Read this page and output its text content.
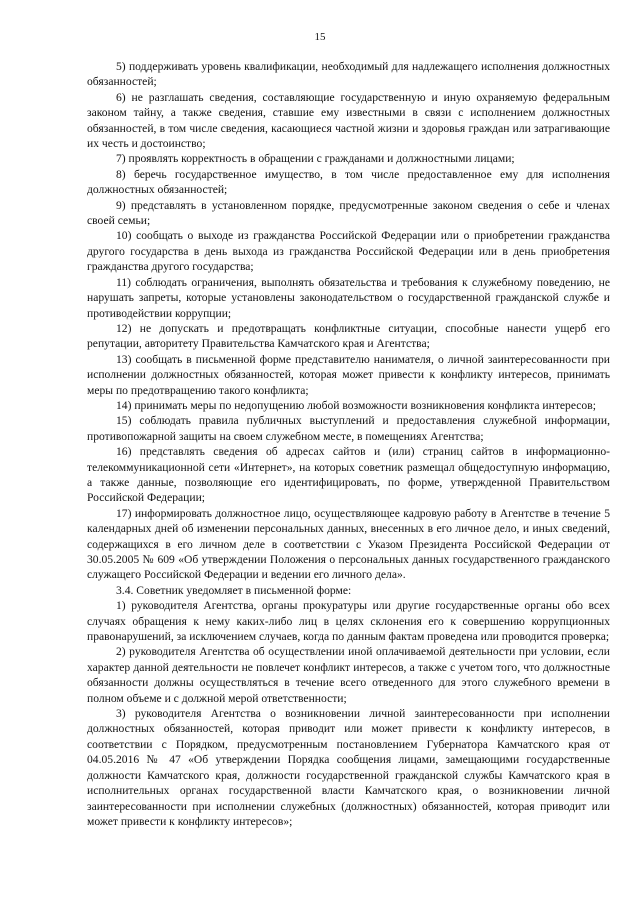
15

5) поддерживать уровень квалификации, необходимый для надлежащего исполнения должностных обязанностей;

6) не разглашать сведения, составляющие государственную и иную охраняемую федеральным законом тайну, а также сведения, ставшие ему известными в связи с исполнением должностных обязанностей, в том числе сведения, касающиеся частной жизни и здоровья граждан или затрагивающие их честь и достоинство;

7) проявлять корректность в обращении с гражданами и должностными лицами;

8) беречь государственное имущество, в том числе предоставленное ему для исполнения должностных обязанностей;

9) представлять в установленном порядке, предусмотренные законом сведения о себе и членах своей семьи;

10) сообщать о выходе из гражданства Российской Федерации или о приобретении гражданства другого государства в день выхода из гражданства Российской Федерации или в день приобретения гражданства другого государства;

11) соблюдать ограничения, выполнять обязательства и требования к служебному поведению, не нарушать запреты, которые установлены законодательством о государственной гражданской службе и противодействии коррупции;

12) не допускать и предотвращать конфликтные ситуации, способные нанести ущерб его репутации, авторитету Правительства Камчатского края и Агентства;

13) сообщать в письменной форме представителю нанимателя, о личной заинтересованности при исполнении должностных обязанностей, которая может привести к конфликту интересов, принимать меры по предотвращению такого конфликта;

14) принимать меры по недопущению любой возможности возникновения конфликта интересов;

15) соблюдать правила публичных выступлений и предоставления служебной информации, противопожарной защиты на своем служебном месте, в помещениях Агентства;

16) представлять сведения об адресах сайтов и (или) страниц сайтов в информационно-телекоммуникационной сети «Интернет», на которых советник размещал общедоступную информацию, а также данные, позволяющие его идентифицировать, по форме, утвержденной Правительством Российской Федерации;

17) информировать должностное лицо, осуществляющее кадровую работу в Агентстве в течение 5 календарных дней об изменении персональных данных, внесенных в его личное дело, и иных сведений, содержащихся в его личном деле в соответствии с Указом Президента Российской Федерации от 30.05.2005 № 609 «Об утверждении Положения о персональных данных государственного гражданского служащего Российской Федерации и ведении его личного дела».

3.4. Советник уведомляет в письменной форме:

1) руководителя Агентства, органы прокуратуры или другие государственные органы обо всех случаях обращения к нему каких-либо лиц в целях склонения его к совершению коррупционных правонарушений, за исключением случаев, когда по данным фактам проведена или проводится проверка;

2) руководителя Агентства об осуществлении иной оплачиваемой деятельности при условии, если характер данной деятельности не повлечет конфликт интересов, а также с учетом того, что должностные обязанности должны осуществляться в течение всего отведенного для этого служебного времени в полном объеме и с должной мерой ответственности;

3) руководителя Агентства о возникновении личной заинтересованности при исполнении должностных обязанностей, которая приводит или может привести к конфликту интересов, в соответствии с Порядком, предусмотренным постановлением Губернатора Камчатского края от 04.05.2016 № 47 «Об утверждении Порядка сообщения лицами, замещающими государственные должности Камчатского края, должности государственной гражданской службы Камчатского края в исполнительных органах государственной власти Камчатского края, о возникновении личной заинтересованности при исполнении служебных (должностных) обязанностей, которая приводит или может привести к конфликту интересов»;
